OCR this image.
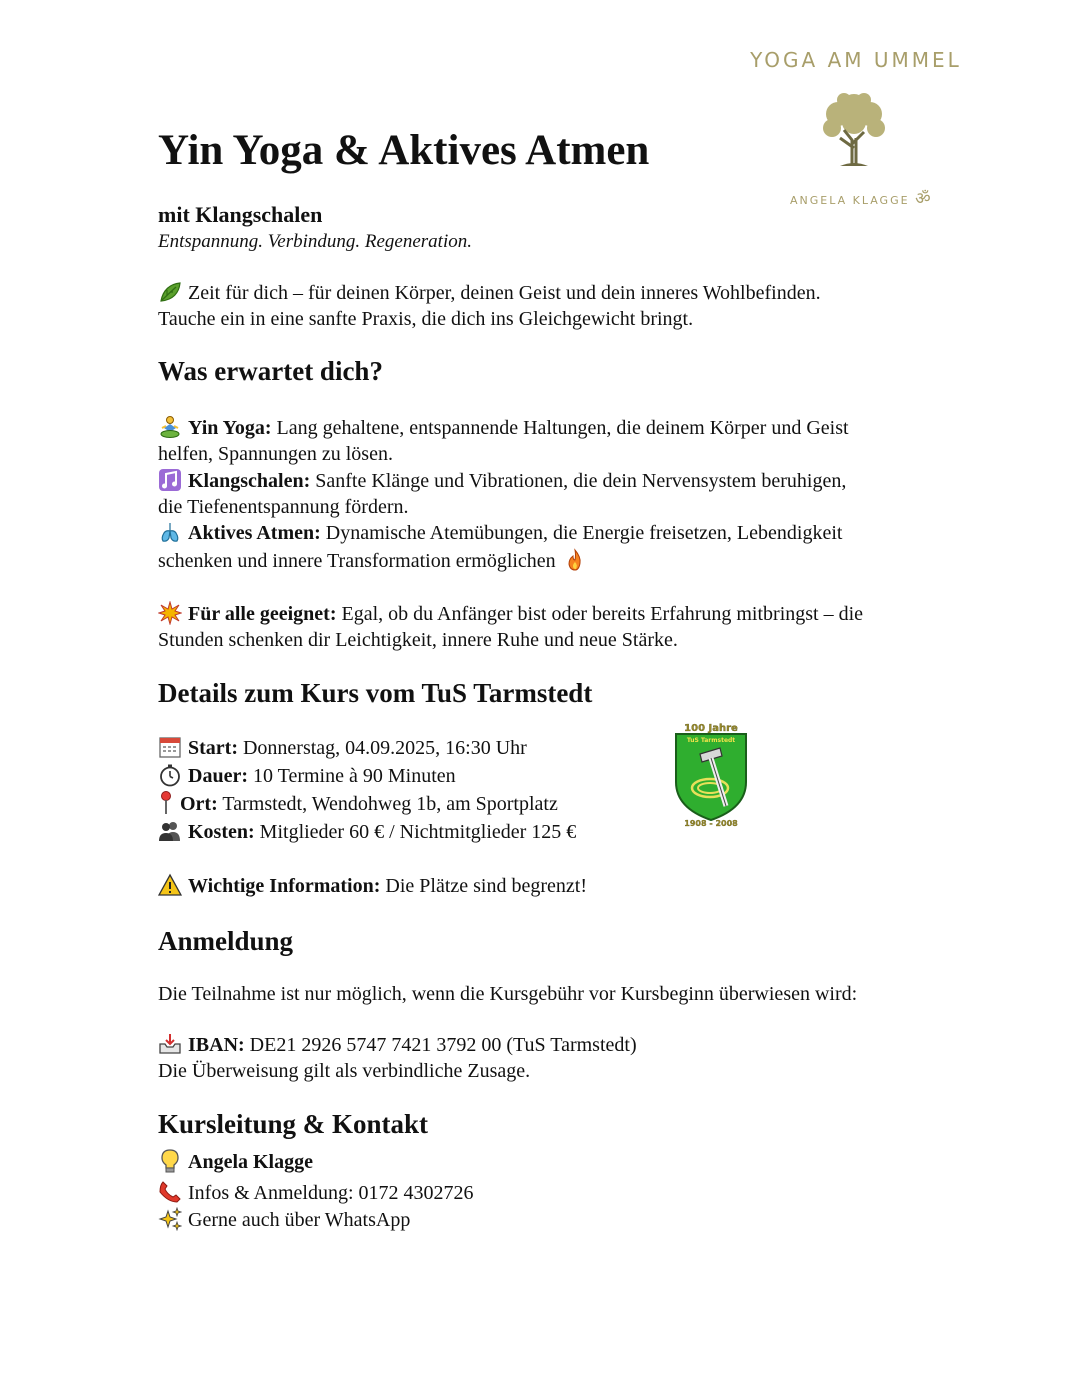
YOGA AM UMMEL
ANGELA KLAGGE ॐ
Yin Yoga & Aktives Atmen
mit Klangschalen
Entspannung. Verbindung. Regeneration.
Zeit für dich – für deinen Körper, deinen Geist und dein inneres Wohlbefinden.
Tauche ein in eine sanfte Praxis, die dich ins Gleichgewicht bringt.
Was erwartet dich?
Yin Yoga: Lang gehaltene, entspannende Haltungen, die deinem Körper und Geist
helfen, Spannungen zu lösen.
Klangschalen: Sanfte Klänge und Vibrationen, die dein Nervensystem beruhigen,
die Tiefenentspannung fördern.
Aktives Atmen: Dynamische Atemübungen, die Energie freisetzen, Lebendigkeit
schenken und innere Transformation ermöglichen
Für alle geeignet: Egal, ob du Anfänger bist oder bereits Erfahrung mitbringst – die
Stunden schenken dir Leichtigkeit, innere Ruhe und neue Stärke.
Details zum Kurs vom TuS Tarmstedt
Start: Donnerstag, 04.09.2025, 16:30 Uhr
Dauer: 10 Termine à 90 Minuten
Ort: Tarmstedt, Wendohweg 1b, am Sportplatz
Kosten: Mitglieder 60 € / Nichtmitglieder 125 €
100 Jahre
TuS Tarmstedt
1908 - 2008
Wichtige Information: Die Plätze sind begrenzt!
Anmeldung
Die Teilnahme ist nur möglich, wenn die Kursgebühr vor Kursbeginn überwiesen wird:
IBAN: DE21 2926 5747 7421 3792 00 (TuS Tarmstedt)
Die Überweisung gilt als verbindliche Zusage.
Kursleitung & Kontakt
Angela Klagge
Infos & Anmeldung: 0172 4302726
Gerne auch über WhatsApp
